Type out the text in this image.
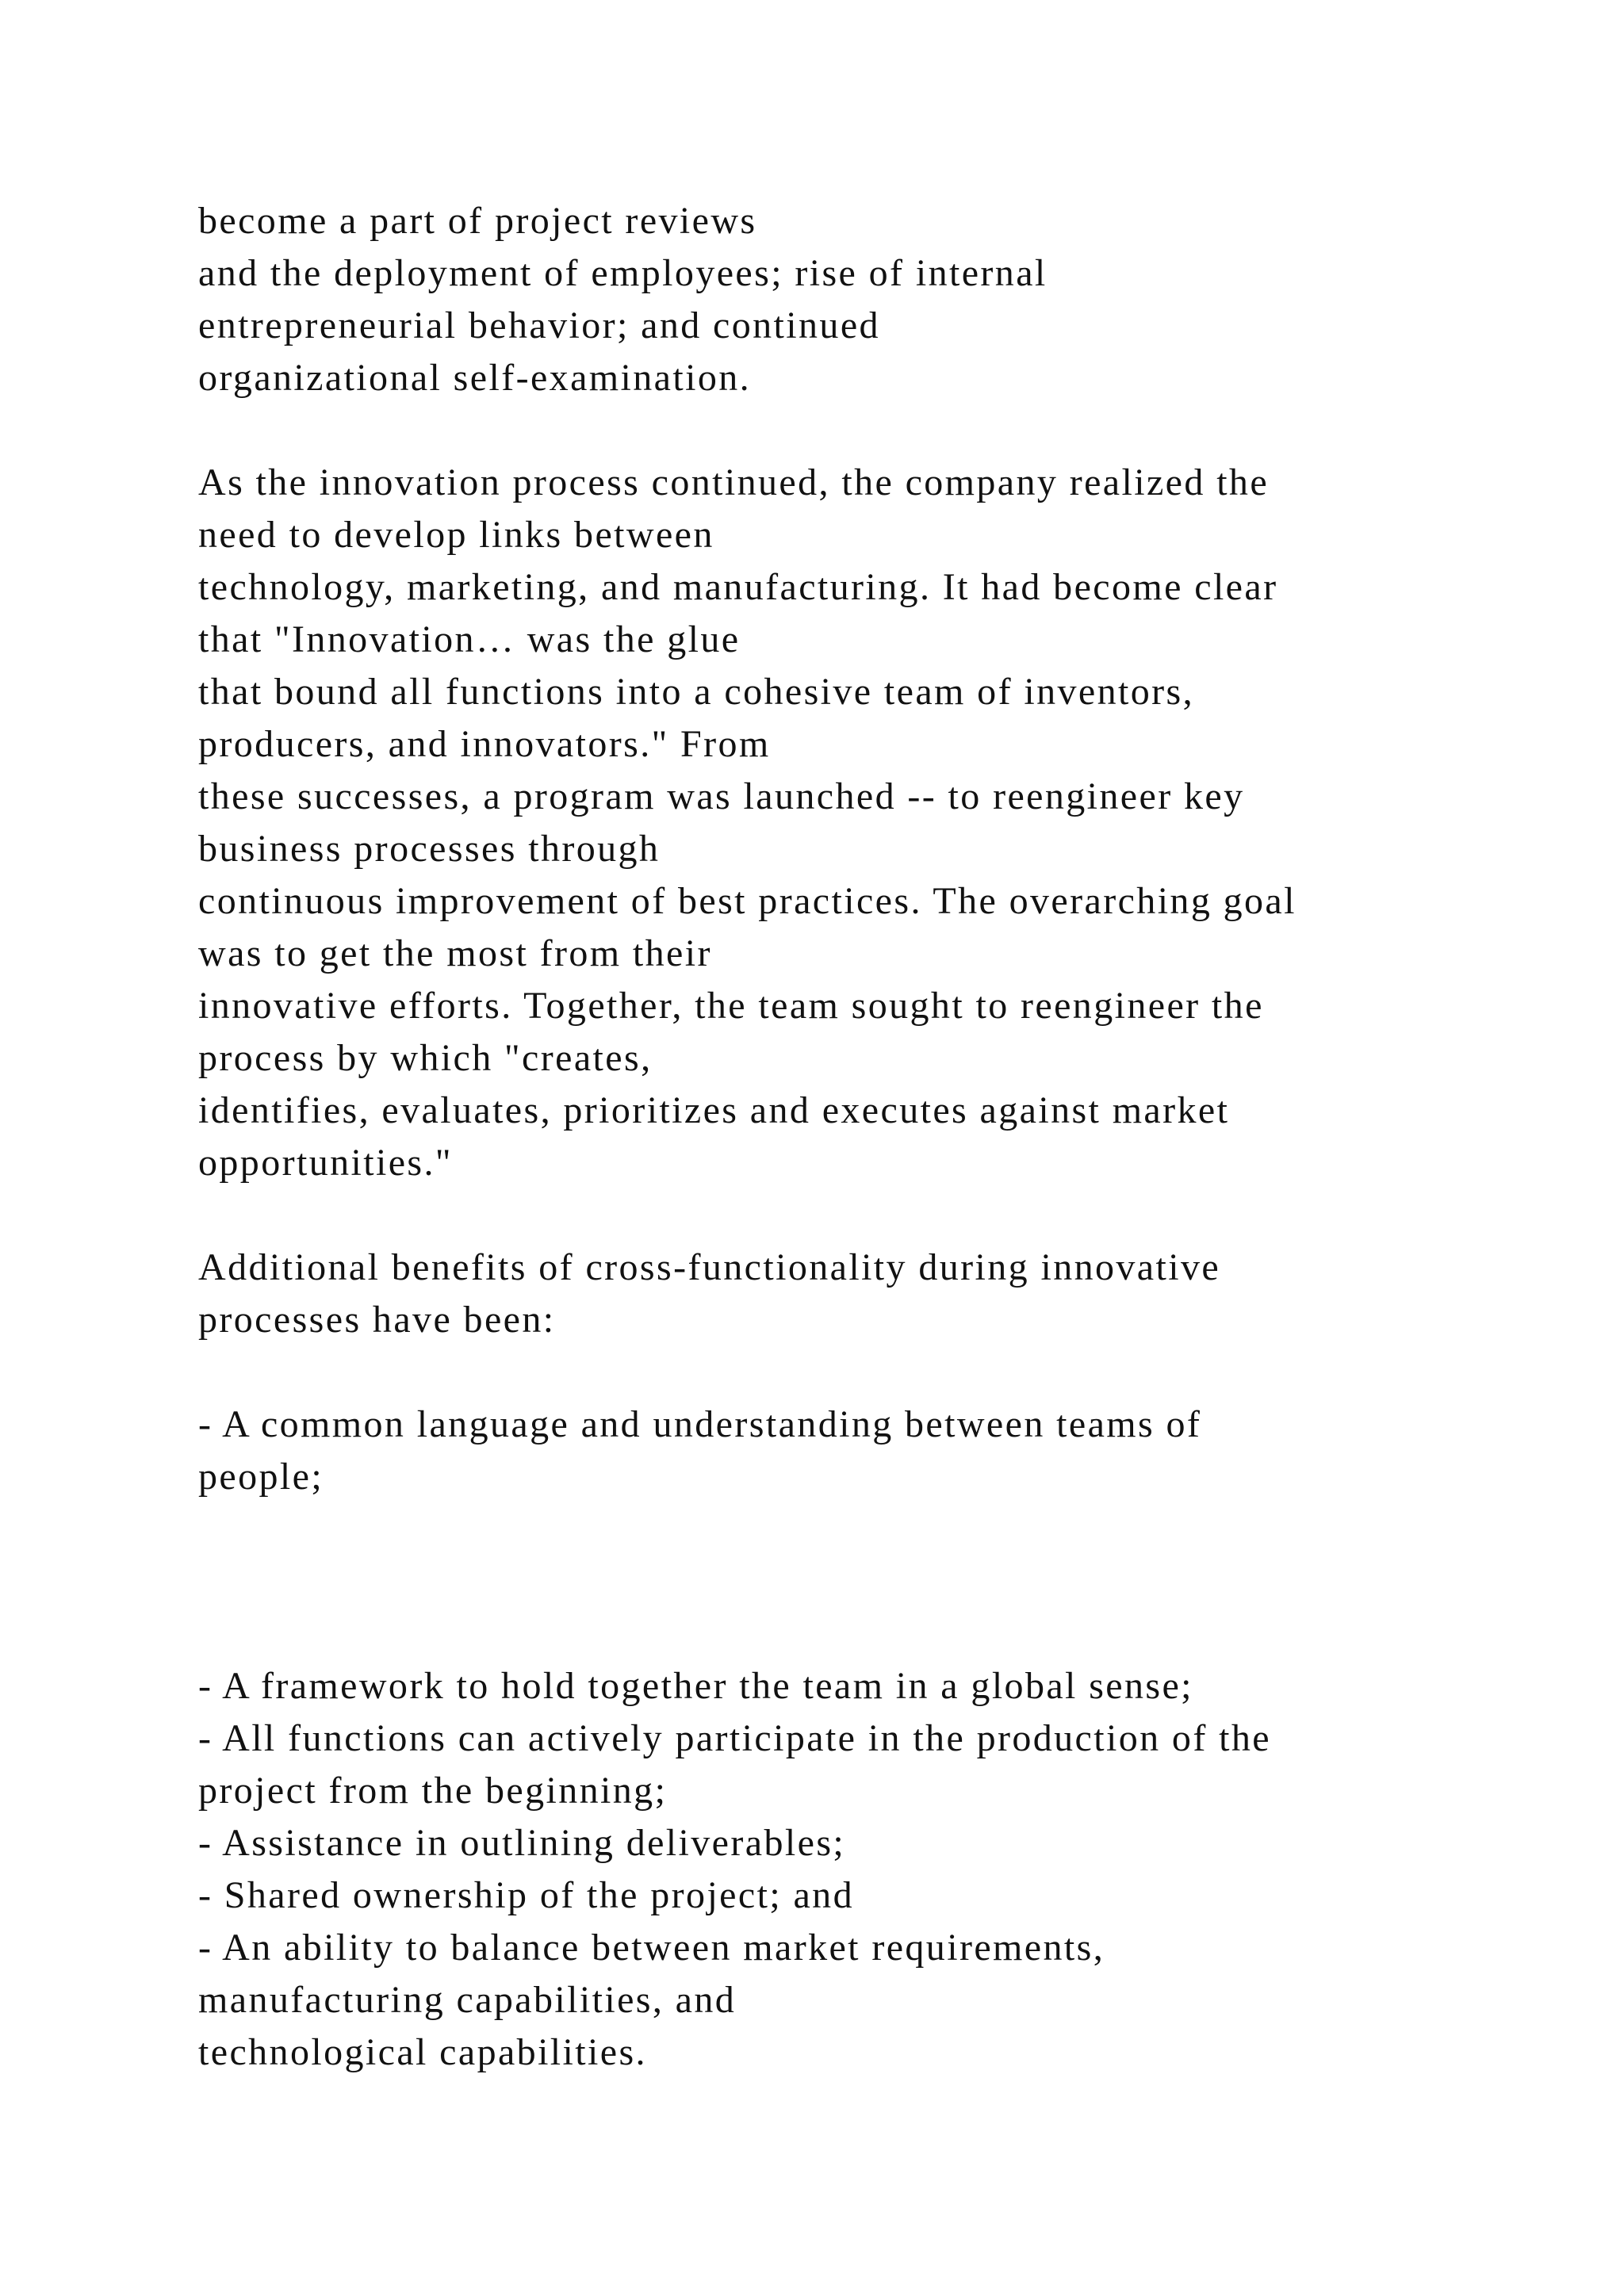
become a part of project reviews
and the deployment of employees; rise of internal
entrepreneurial behavior; and continued
organizational self-examination.
As the innovation process continued, the company realized the
need to develop links between
technology, marketing, and manufacturing. It had become clear
that "Innovation… was the glue
that bound all functions into a cohesive team of inventors,
producers, and innovators." From
these successes, a program was launched -- to reengineer key
business processes through
continuous improvement of best practices. The overarching goal
was to get the most from their
innovative efforts. Together, the team sought to reengineer the
process by which "creates,
identifies, evaluates, prioritizes and executes against market
opportunities."
Additional benefits of cross-functionality during innovative
processes have been:
- A common language and understanding between teams of
people;
- A framework to hold together the team in a global sense;
- All functions can actively participate in the production of the
project from the beginning;
- Assistance in outlining deliverables;
- Shared ownership of the project; and
- An ability to balance between market requirements,
manufacturing capabilities, and
technological capabilities.
